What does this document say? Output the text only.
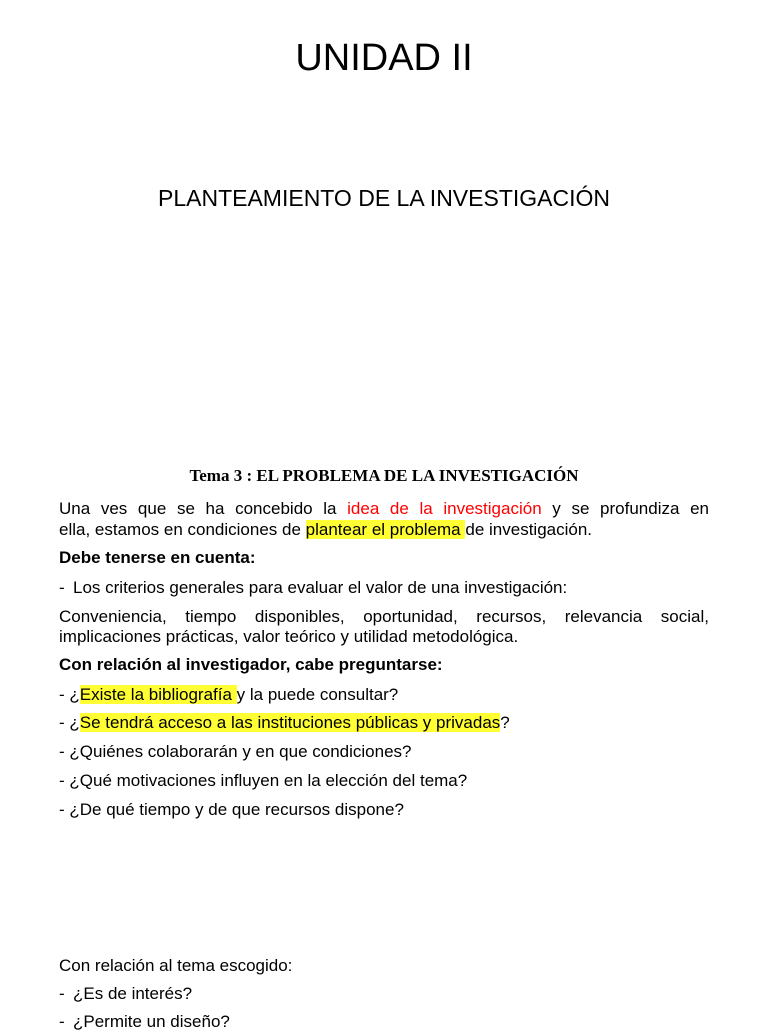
UNIDAD II
PLANTEAMIENTO DE LA INVESTIGACIÓN
Tema 3 : EL PROBLEMA DE LA INVESTIGACIÓN
Una ves que se ha concebido la idea de la investigación y se profundiza en
ella, estamos en condiciones de plantear el problema de investigación.
Debe tenerse en cuenta:
- Los criterios generales para evaluar el valor de una investigación:
Conveniencia, tiempo disponibles, oportunidad, recursos, relevancia social,
implicaciones prácticas, valor teórico y utilidad metodológica.
Con relación al investigador, cabe preguntarse:
- ¿Existe la bibliografía y la puede consultar?
- ¿Se tendrá acceso a las instituciones públicas y privadas?
- ¿Quiénes colaborarán y en que condiciones?
- ¿Qué motivaciones influyen en la elección del tema?
- ¿De qué tiempo y de que recursos dispone?
Con relación al tema escogido:
- ¿Es de interés?
- ¿Permite un diseño?
